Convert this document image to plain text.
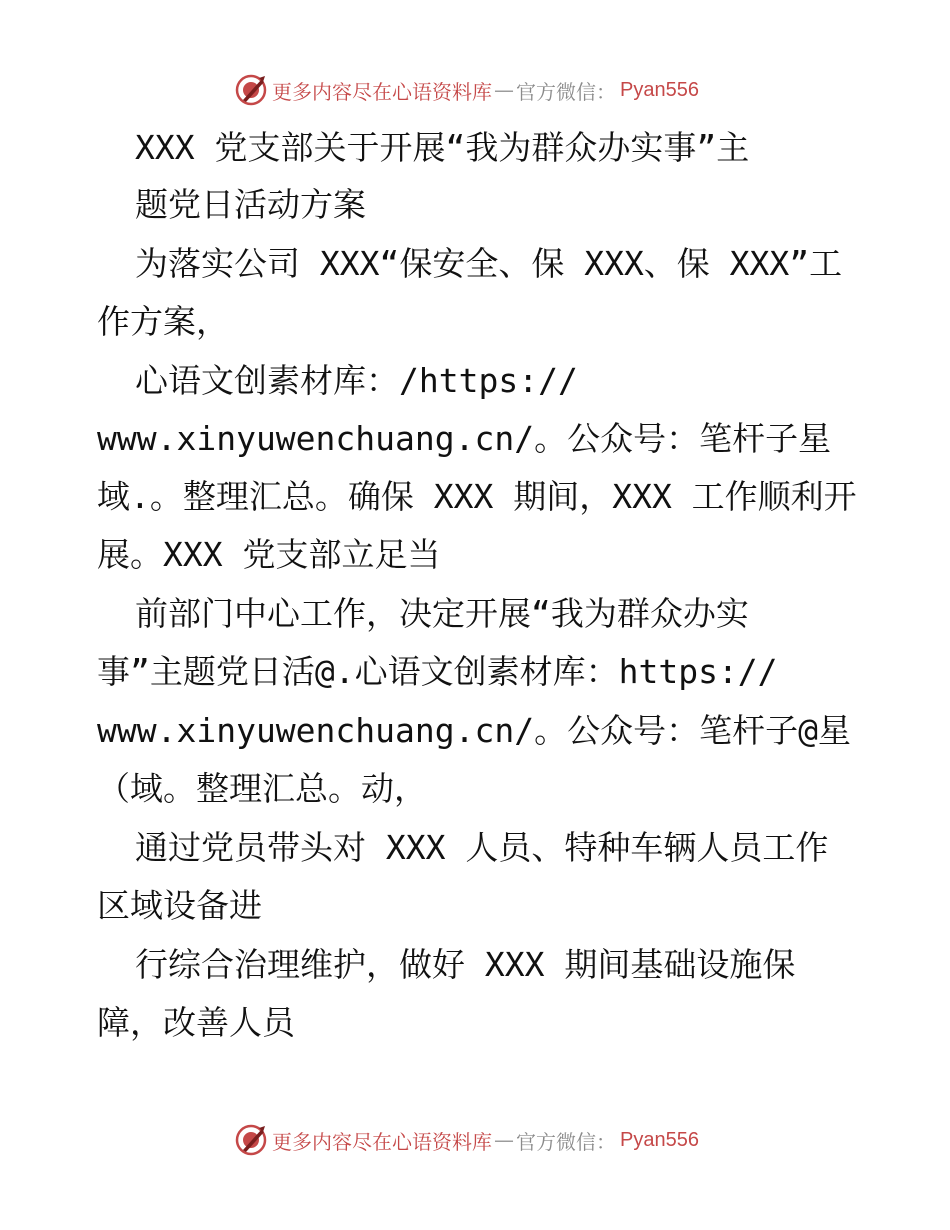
更多内容尽在心语资料库 — 官方微信： Pyan556
XXX 党支部关于开展“我为群众办实事”主
题党日活动方案
为落实公司 XXX“保安全、保 XXX、保 XXX”工
作方案，
心语文创素材库：/https://
www.xinyuwenchuang.cn/。公众号：笔杆子星
域.。整理汇总。确保 XXX 期间，XXX 工作顺利开
展。XXX 党支部立足当
前部门中心工作，决定开展“我为群众办实
事”主题党日活@.心语文创素材库：https://
www.xinyuwenchuang.cn/。公众号：笔杆子@星
（域。整理汇总。动，
通过党员带头对 XXX 人员、特种车辆人员工作
区域设备进
行综合治理维护，做好 XXX 期间基础设施保
障，改善人员
更多内容尽在心语资料库 — 官方微信： Pyan556
